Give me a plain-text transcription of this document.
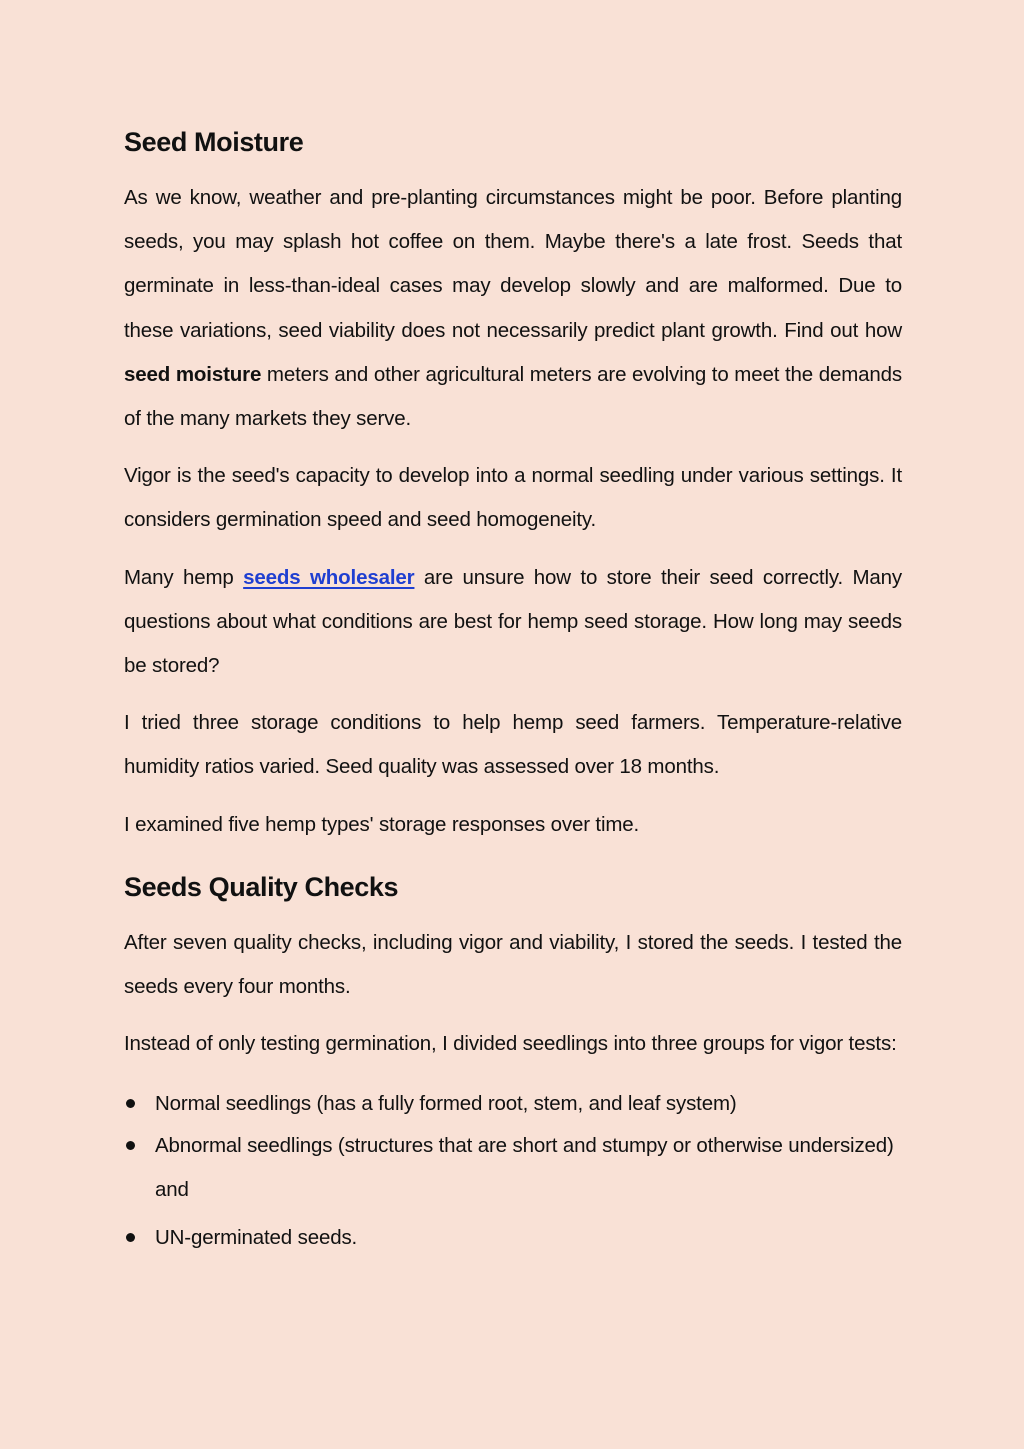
Seed Moisture

As we know, weather and pre-planting circumstances might be poor. Before planting seeds, you may splash hot coffee on them. Maybe there's a late frost. Seeds that germinate in less-than-ideal cases may develop slowly and are malformed. Due to these variations, seed viability does not necessarily predict plant growth. Find out how seed moisture meters and other agricultural meters are evolving to meet the demands of the many markets they serve.

Vigor is the seed's capacity to develop into a normal seedling under various settings. It considers germination speed and seed homogeneity.

Many hemp seeds wholesaler are unsure how to store their seed correctly. Many questions about what conditions are best for hemp seed storage. How long may seeds be stored?

I tried three storage conditions to help hemp seed farmers. Temperature-relative humidity ratios varied. Seed quality was assessed over 18 months.

I examined five hemp types' storage responses over time.

Seeds Quality Checks

After seven quality checks, including vigor and viability, I stored the seeds. I tested the seeds every four months.

Instead of only testing germination, I divided seedlings into three groups for vigor tests:

Normal seedlings (has a fully formed root, stem, and leaf system)
Abnormal seedlings (structures that are short and stumpy or otherwise undersized) and
UN-germinated seeds.
